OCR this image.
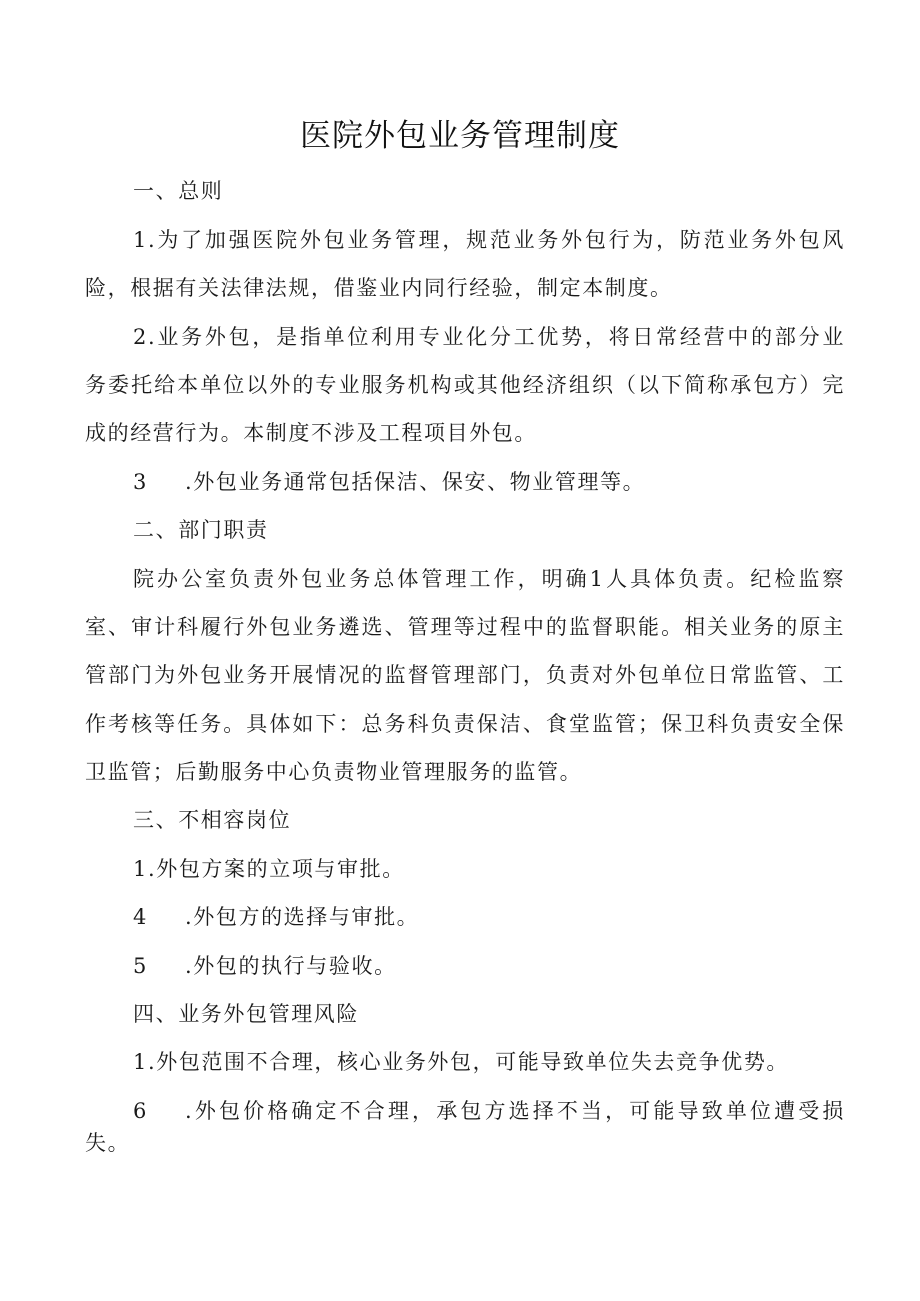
医院外包业务管理制度
一、总则
1.为了加强医院外包业务管理，规范业务外包行为，防范业务外包风
险，根据有关法律法规，借鉴业内同行经验，制定本制度。
2.业务外包，是指单位利用专业化分工优势，将日常经营中的部分业
务委托给本单位以外的专业服务机构或其他经济组织（以下简称承包方）完
成的经营行为。本制度不涉及工程项目外包。
3 .外包业务通常包括保洁、保安、物业管理等。
二、部门职责
院办公室负责外包业务总体管理工作，明确1人具体负责。纪检监察
室、审计科履行外包业务遴选、管理等过程中的监督职能。相关业务的原主
管部门为外包业务开展情况的监督管理部门，负责对外包单位日常监管、工
作考核等任务。具体如下：总务科负责保洁、食堂监管；保卫科负责安全保
卫监管；后勤服务中心负责物业管理服务的监管。
三、不相容岗位
1.外包方案的立项与审批。
4 .外包方的选择与审批。
5 .外包的执行与验收。
四、业务外包管理风险
1.外包范围不合理，核心业务外包，可能导致单位失去竞争优势。
6 .外包价格确定不合理，承包方选择不当，可能导致单位遭受损
失。
